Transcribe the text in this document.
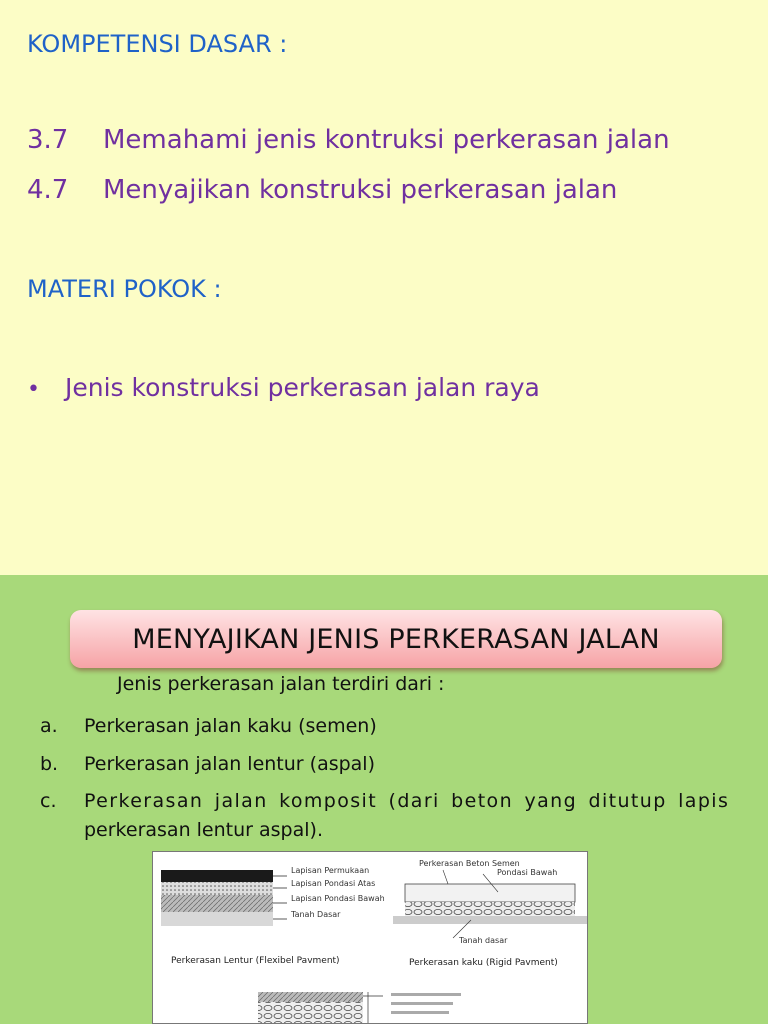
KOMPETENSI DASAR :
3.7 Memahami jenis kontruksi perkerasan jalan
4.7 Menyajikan konstruksi perkerasan jalan
MATERI POKOK :
• Jenis konstruksi perkerasan jalan raya
MENYAJIKAN JENIS PERKERASAN JALAN
Jenis perkerasan jalan terdiri dari :
a. Perkerasan jalan kaku (semen)
b. Perkerasan jalan lentur (aspal)
c. Perkerasan jalan komposit (dari beton yang ditutup lapis
perkerasan lentur aspal).
Lapisan Permukaan
Lapisan Pondasi Atas
Lapisan Pondasi Bawah
Tanah Dasar
Perkerasan Beton Semen
Pondasi Bawah
Tanah dasar
Perkerasan Lentur (Flexibel Pavment)	Perkerasan kaku (Rigid Pavment)
